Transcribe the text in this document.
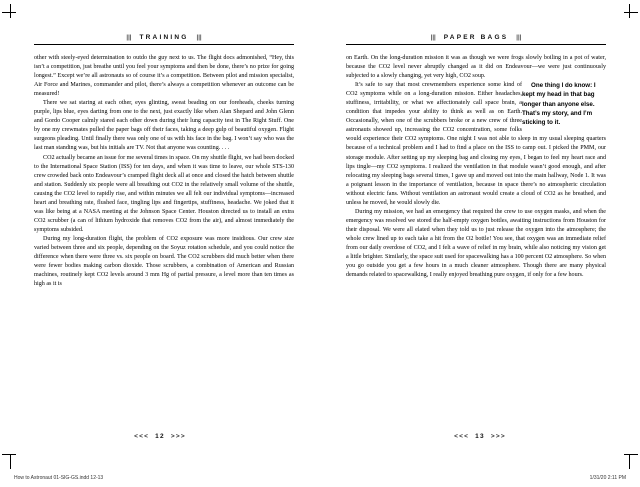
||| TRAINING |||

other with steely-eyed determination to outdo the guy next to us. The flight docs admonished, “Hey, this isn’t a competition, just breathe until you feel your symptoms and then be done, there’s no prize for going longest.” Except we’re all astronauts so of course it’s a competition. Between pilot and mission specialist, Air Force and Marines, commander and pilot, there’s always a competition whenever an outcome can be measured!

There we sat staring at each other, eyes glinting, sweat beading on our foreheads, cheeks turning purple, lips blue, eyes darting from one to the next, just exactly like when Alan Shepard and John Glenn and Gordo Cooper calmly stared each other down during their lung capacity test in The Right Stuff. One by one my crewmates pulled the paper bags off their faces, taking a deep gulp of beautiful oxygen. Flight surgeons pleading. Until finally there was only one of us with his face in the bag. I won’t say who was the last man standing was, but his initials are TV. Not that anyone was counting. . . .

CO2 actually became an issue for me several times in space. On my shuttle flight, we had been docked to the International Space Station (ISS) for ten days, and when it was time to leave, our whole STS-130 crew crowded back onto Endeavour’s cramped flight deck all at once and closed the hatch between shuttle and station. Suddenly six people were all breathing out CO2 in the relatively small volume of the shuttle, causing the CO2 level to rapidly rise, and within minutes we all felt our individual symptoms—increased heart and breathing rate, flushed face, tingling lips and fingertips, stuffiness, headache. We joked that it was like being at a NASA meeting at the Johnson Space Center. Houston directed us to install an extra CO2 scrubber (a can of lithium hydroxide that removes CO2 from the air), and almost immediately the symptoms subsided.

During my long-duration flight, the problem of CO2 exposure was more insidious. Our crew size varied between three and six people, depending on the Soyuz rotation schedule, and you could notice the difference when there were three vs. six people on board. The CO2 scrubbers did much better when there were fewer bodies making carbon dioxide. Those scrubbers, a combination of American and Russian machines, routinely kept CO2 levels around 3 mm Hg of partial pressure, a level more than ten times as high as it is

<<< 12 >>>
||| PAPER BAGS |||

on Earth. On the long-duration mission it was as though we were frogs slowly boiling in a pot of water, because the CO2 level never abruptly changed as it did on Endeavour—we were just continuously subjected to a slowly changing, yet very high, CO2 soup.

One thing I do know: I kept my head in that bag longer than anyone else. That’s my story, and I’m sticking to it.

It’s safe to say that most crewmembers experience some kind of CO2 symptoms while on a long-duration mission. Either headaches, stuffiness, irritability, or what we affectionately call space brain, a condition that impedes your ability to think as well as on Earth. Occasionally, when one of the scrubbers broke or a new crew of three astronauts showed up, increasing the CO2 concentration, some folks would experience their CO2 symptoms. One night I was not able to sleep in my usual sleeping quarters because of a technical problem and I had to find a place on the ISS to camp out. I picked the PMM, our storage module. After setting up my sleeping bag and closing my eyes, I began to feel my heart race and lips tingle—my CO2 symptoms. I realized the ventilation in that module wasn’t good enough, and after relocating my sleeping bags several times, I gave up and moved out into the main hallway, Node 1. It was a poignant lesson in the importance of ventilation, because in space there’s no atmospheric circulation without electric fans. Without ventilation an astronaut would create a cloud of CO2 as he breathed, and unless he moved, he would slowly die.

During my mission, we had an emergency that required the crew to use oxygen masks, and when the emergency was resolved we stored the half-empty oxygen bottles, awaiting instructions from Houston for their disposal. We were all elated when they told us to just release the oxygen into the atmosphere; the whole crew lined up to each take a hit from the O2 bottle! You see, that oxygen was an immediate relief from our daily overdose of CO2, and I felt a wave of relief in my brain, while also noticing my vision get a little brighter. Similarly, the space suit used for spacewalking has a 100 percent O2 atmosphere. So when you go outside you get a few hours in a much cleaner atmosphere. Though there are many physical demands related to spacewalking, I really enjoyed breathing pure oxygen, if only for a few hours.

<<< 13 >>>
How to Astronaut 01-SIG-GS.indd 12-13	1/31/20 2:11 PM
